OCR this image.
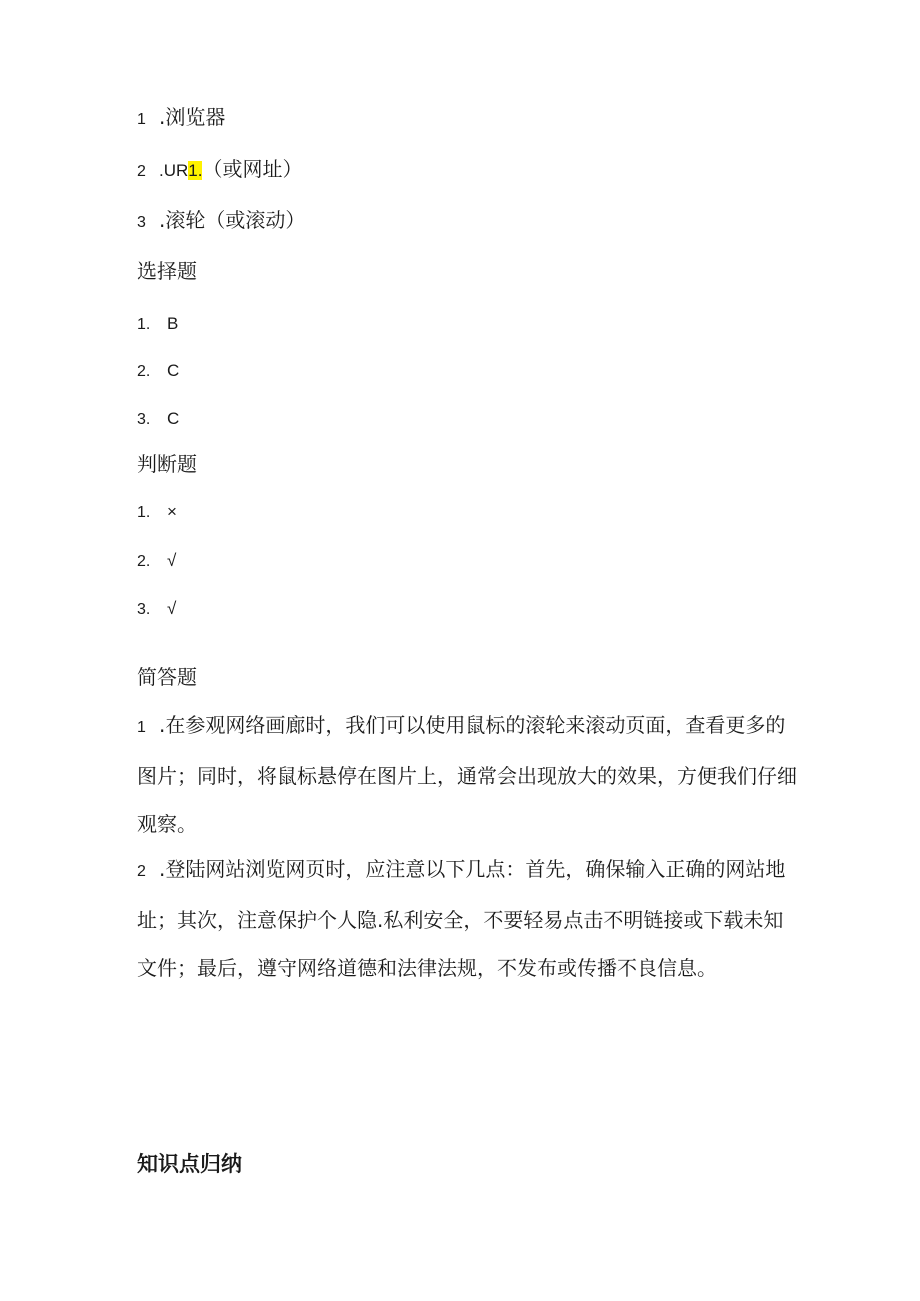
1 .浏览器
2 .UR1.（或网址）
3 .滚轮（或滚动）
选择题
1. B
2. C
3. C
判断题
1. ×
2. √
3. √
简答题
1 .在参观网络画廊时，我们可以使用鼠标的滚轮来滚动页面，查看更多的图片；同时，将鼠标悬停在图片上，通常会出现放大的效果，方便我们仔细观察。
2 .登陆网站浏览网页时，应注意以下几点：首先，确保输入正确的网站地址；其次，注意保护个人隐.私利安全，不要轻易点击不明链接或下载未知文件；最后，遵守网络道德和法律法规，不发布或传播不良信息。
知识点归纳
